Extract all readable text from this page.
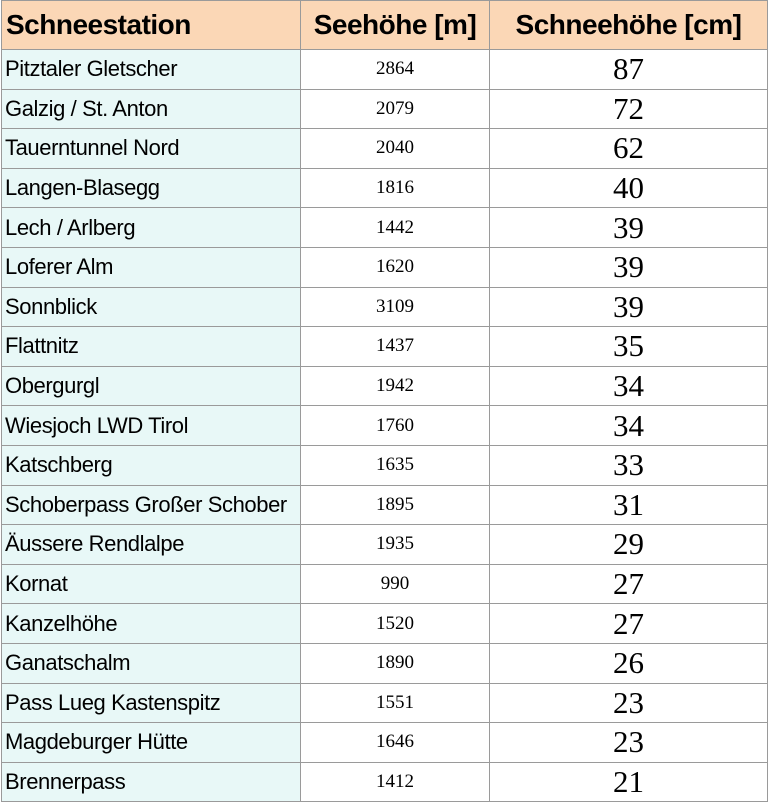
Schneestation	Seehöhe [m]	Schneehöhe [cm]
Pitztaler Gletscher	2864	87
Galzig / St. Anton	2079	72
Tauerntunnel Nord	2040	62
Langen-Blasegg	1816	40
Lech / Arlberg	1442	39
Loferer Alm	1620	39
Sonnblick	3109	39
Flattnitz	1437	35
Obergurgl	1942	34
Wiesjoch LWD Tirol	1760	34
Katschberg	1635	33
Schoberpass Großer Schober	1895	31
Äussere Rendlalpe	1935	29
Kornat	990	27
Kanzelhöhe	1520	27
Ganatschalm	1890	26
Pass Lueg Kastenspitz	1551	23
Magdeburger Hütte	1646	23
Brennerpass	1412	21
